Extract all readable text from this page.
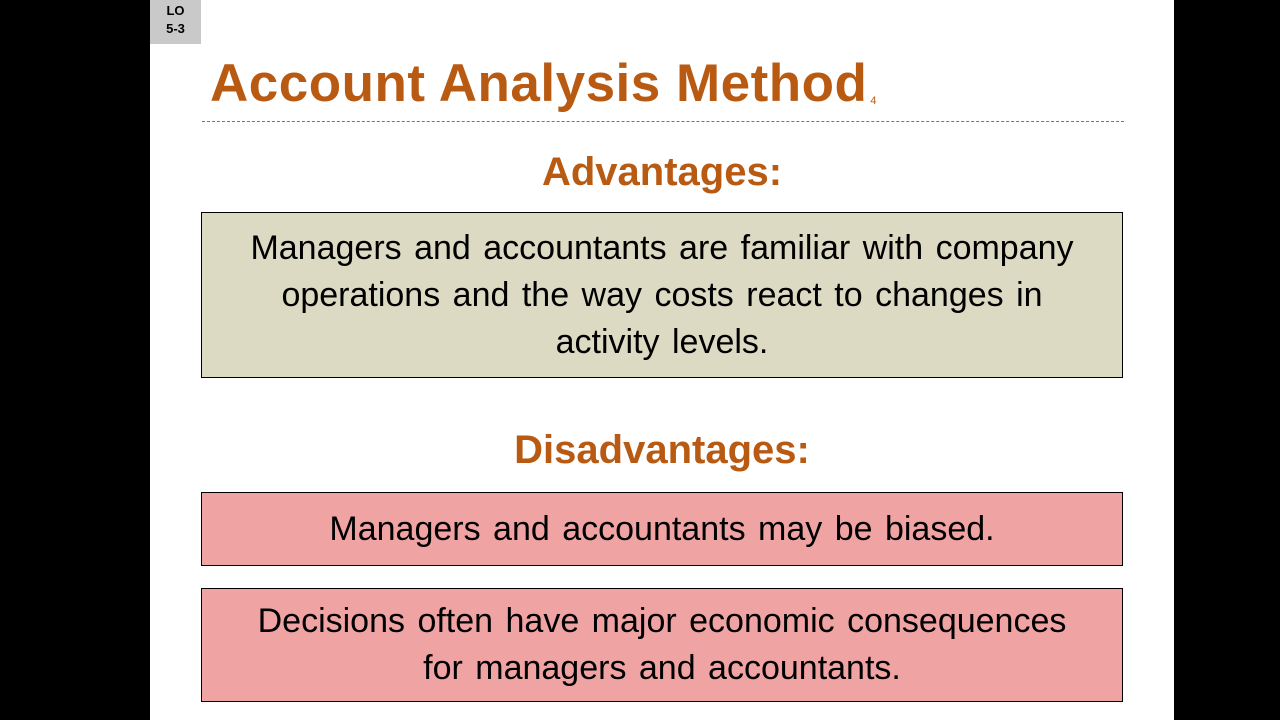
LO
5-3
Account Analysis Method 4
Advantages:
Managers and accountants are familiar with company operations and the way costs react to changes in activity levels.
Disadvantages:
Managers and accountants may be biased.
Decisions often have major economic consequences for managers and accountants.
